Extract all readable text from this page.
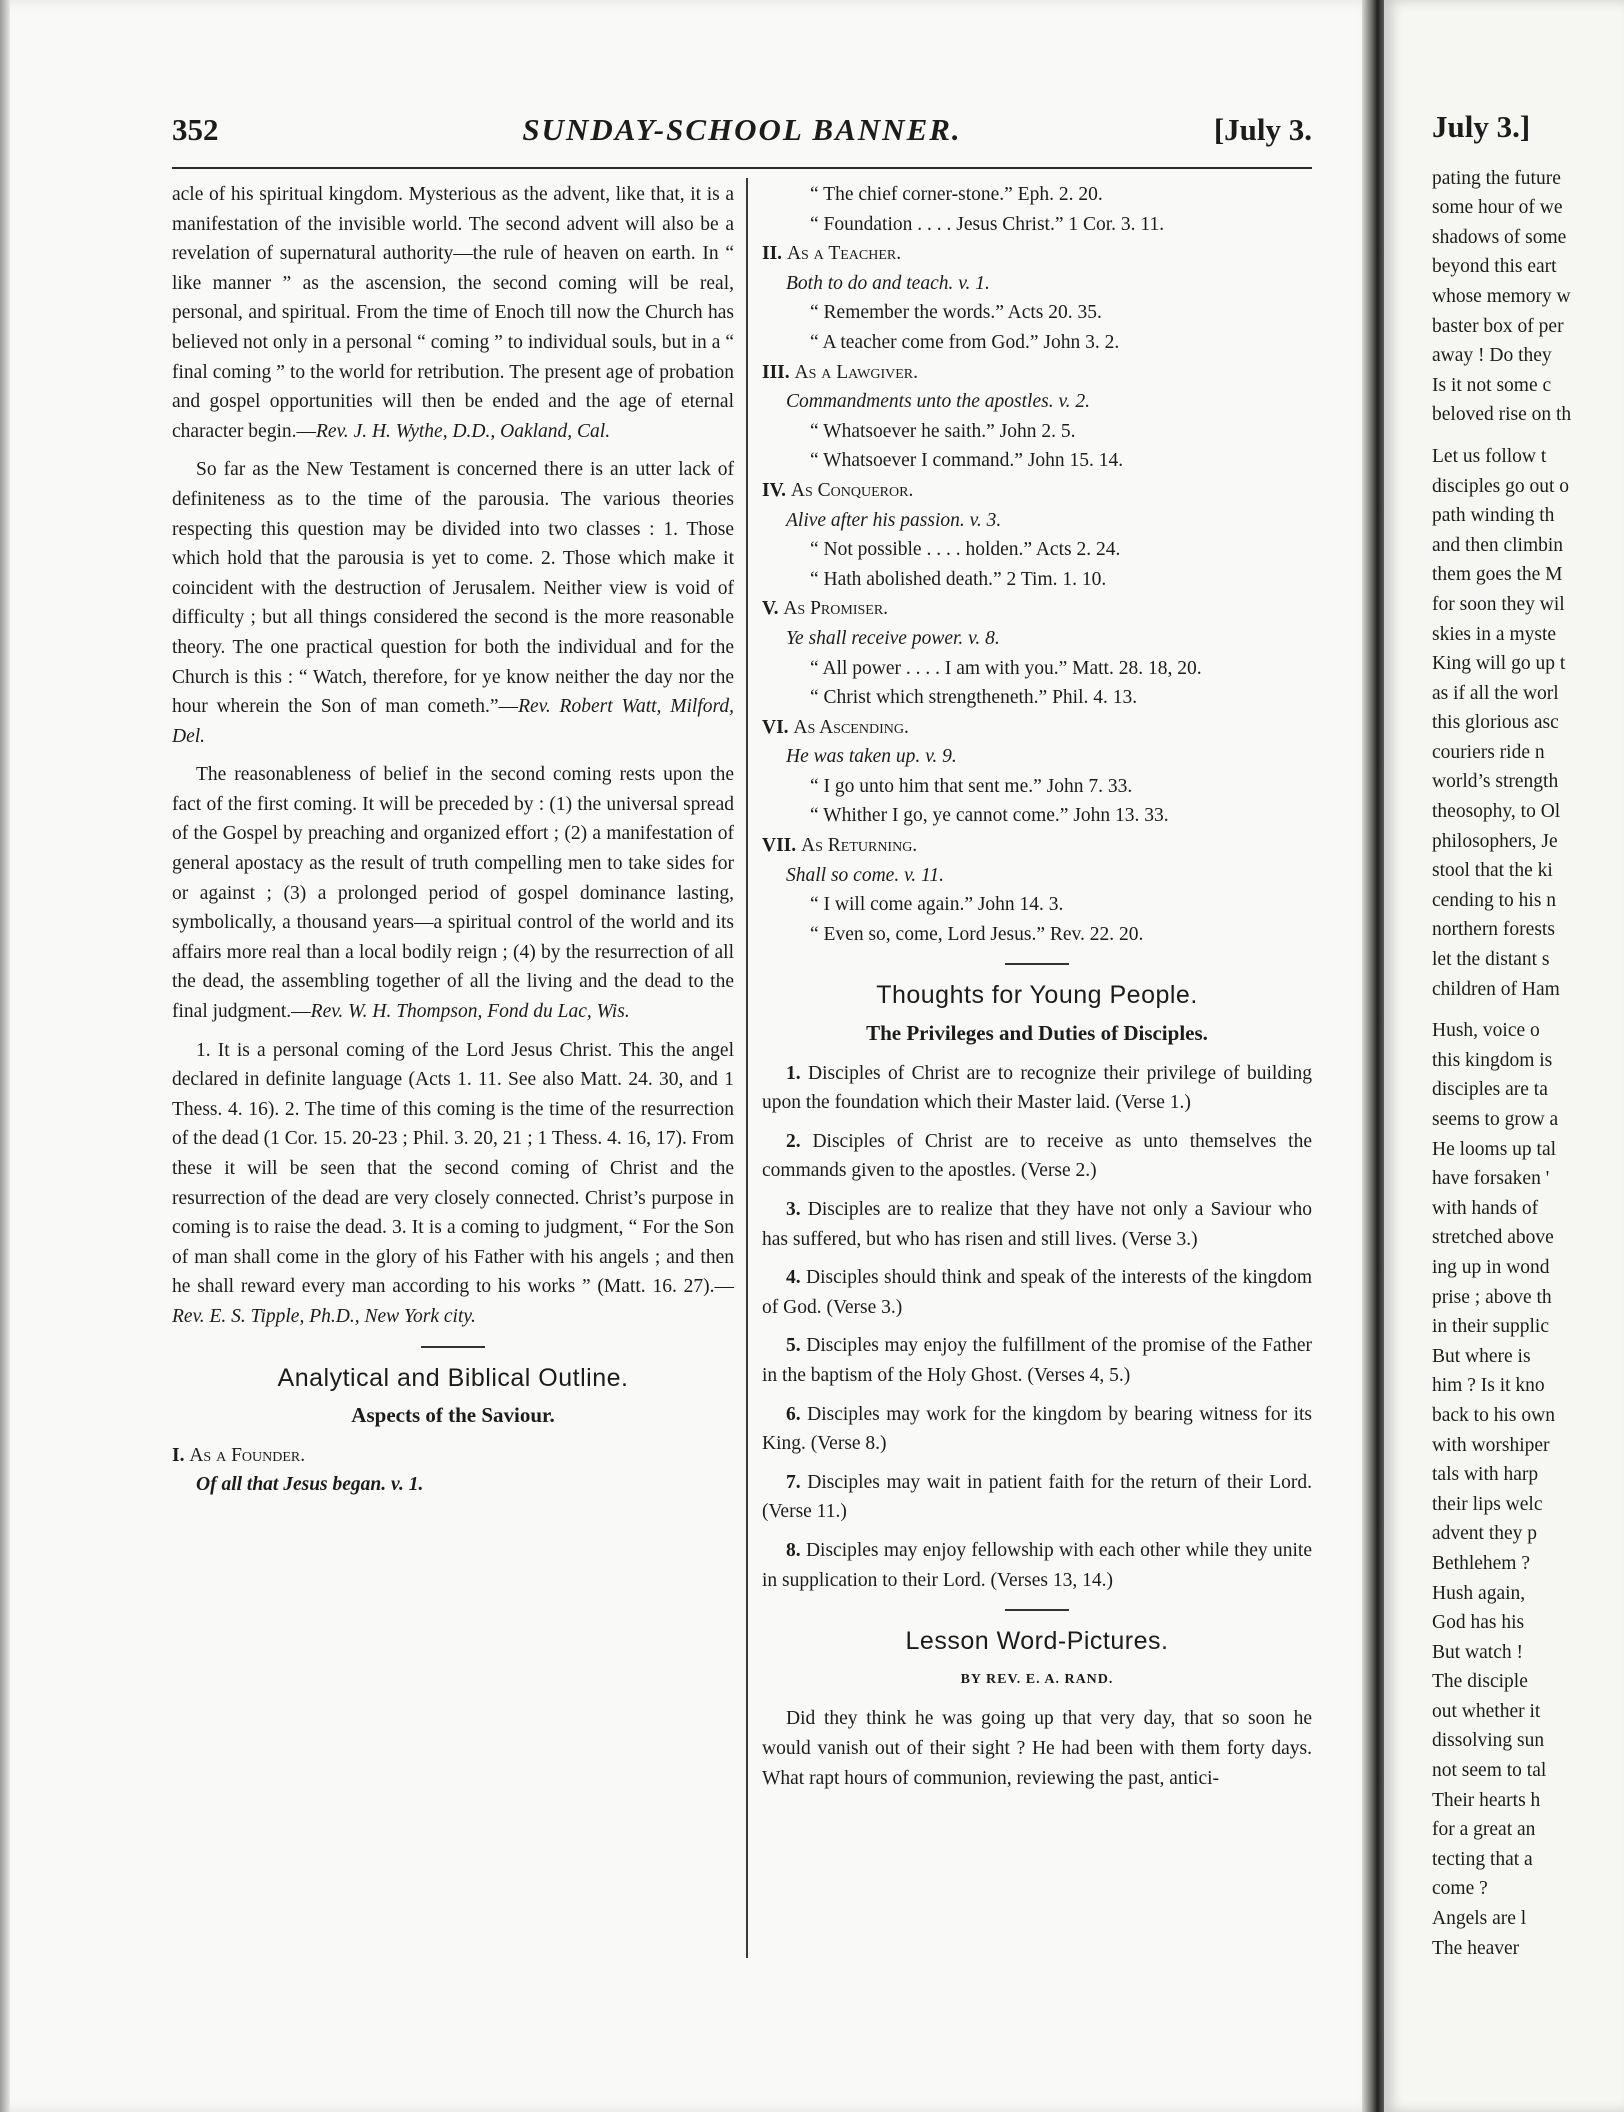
352	SUNDAY-SCHOOL BANNER.	[July 3.

acle of his spiritual kingdom. Mysterious as the advent, like that, it is a manifestation of the invisible world. The second advent will also be a revelation of supernatural authority—the rule of heaven on earth. In “ like manner ” as the ascension, the second coming will be real, personal, and spiritual. From the time of Enoch till now the Church has believed not only in a personal “ coming ” to individual souls, but in a “ final coming ” to the world for retribution. The present age of probation and gospel opportunities will then be ended and the age of eternal character begin.—Rev. J. H. Wythe, D.D., Oakland, Cal.

So far as the New Testament is concerned there is an utter lack of definiteness as to the time of the parousia. The various theories respecting this question may be divided into two classes : 1. Those which hold that the parousia is yet to come. 2. Those which make it coincident with the destruction of Jerusalem. Neither view is void of difficulty ; but all things considered the second is the more reasonable theory. The one practical question for both the individual and for the Church is this : “ Watch, therefore, for ye know neither the day nor the hour wherein the Son of man cometh.”—Rev. Robert Watt, Milford, Del.

The reasonableness of belief in the second coming rests upon the fact of the first coming. It will be preceded by : (1) the universal spread of the Gospel by preaching and organized effort ; (2) a manifestation of general apostacy as the result of truth compelling men to take sides for or against ; (3) a prolonged period of gospel dominance lasting, symbolically, a thousand years—a spiritual control of the world and its affairs more real than a local bodily reign ; (4) by the resurrection of all the dead, the assembling together of all the living and the dead to the final judgment.—Rev. W. H. Thompson, Fond du Lac, Wis.

1. It is a personal coming of the Lord Jesus Christ. This the angel declared in definite language (Acts 1. 11. See also Matt. 24. 30, and 1 Thess. 4. 16). 2. The time of this coming is the time of the resurrection of the dead (1 Cor. 15. 20-23 ; Phil. 3. 20, 21 ; 1 Thess. 4. 16, 17). From these it will be seen that the second coming of Christ and the resurrection of the dead are very closely connected. Christ’s purpose in coming is to raise the dead. 3. It is a coming to judgment, “ For the Son of man shall come in the glory of his Father with his angels ; and then he shall reward every man according to his works ” (Matt. 16. 27).—Rev. E. S. Tipple, Ph.D., New York city.

Analytical and Biblical Outline.
Aspects of the Saviour.
I. As a Founder.
Of all that Jesus began. v. 1.
“ The chief corner-stone.” Eph. 2. 20.
“ Foundation . . . . Jesus Christ.” 1 Cor. 3. 11.
II. As a Teacher.
Both to do and teach. v. 1.
“ Remember the words.” Acts 20. 35.
“ A teacher come from God.” John 3. 2.
III. As a Lawgiver.
Commandments unto the apostles. v. 2.
“ Whatsoever he saith.” John 2. 5.
“ Whatsoever I command.” John 15. 14.
IV. As Conqueror.
Alive after his passion. v. 3.
“ Not possible . . . . holden.” Acts 2. 24.
“ Hath abolished death.” 2 Tim. 1. 10.
V. As Promiser.
Ye shall receive power. v. 8.
“ All power . . . . I am with you.” Matt. 28. 18, 20.
“ Christ which strengtheneth.” Phil. 4. 13.
VI. As Ascending.
He was taken up. v. 9.
“ I go unto him that sent me.” John 7. 33.
“ Whither I go, ye cannot come.” John 13. 33.
VII. As Returning.
Shall so come. v. 11.
“ I will come again.” John 14. 3.
“ Even so, come, Lord Jesus.” Rev. 22. 20.
Thoughts for Young People.
The Privileges and Duties of Disciples.

1. Disciples of Christ are to recognize their privilege of building upon the foundation which their Master laid. (Verse 1.)

2. Disciples of Christ are to receive as unto themselves the commands given to the apostles. (Verse 2.)

3. Disciples are to realize that they have not only a Saviour who has suffered, but who has risen and still lives. (Verse 3.)

4. Disciples should think and speak of the interests of the kingdom of God. (Verse 3.)

5. Disciples may enjoy the fulfillment of the promise of the Father in the baptism of the Holy Ghost. (Verses 4, 5.)

6. Disciples may work for the kingdom by bearing witness for its King. (Verse 8.)

7. Disciples may wait in patient faith for the return of their Lord. (Verse 11.)

8. Disciples may enjoy fellowship with each other while they unite in supplication to their Lord. (Verses 13, 14.)

Lesson Word-Pictures.
BY REV. E. A. RAND.

Did they think he was going up that very day, that so soon he would vanish out of their sight ? He had been with them forty days. What rapt hours of communion, reviewing the past, antici-

July 3.]
pating the future
some hour of we
shadows of some
beyond this eart
whose memory w
baster box of per
away ! Do they
Is it not some c
beloved rise on th
Let us follow t
disciples go out o
path winding th
and then climbin
them goes the M
for soon they wil
skies in a myste
King will go up t
as if all the worl
this glorious asc
couriers ride n
world’s strength
theosophy, to Ol
philosophers, Je
stool that the ki
cending to his n
northern forests
let the distant s
children of Ham
Hush, voice o
this kingdom is
disciples are ta
seems to grow a
He looms up tal
have forsaken '
with hands of
stretched above
ing up in wond
prise ; above th
in their supplic
But where is
him ? Is it kno
back to his own
with worshiper
tals with harp
their lips welc
advent they p
Bethlehem ?
Hush again,
God has his
But watch !
The disciple
out whether it
dissolving sun
not seem to tal
Their hearts h
for a great an
tecting that a
come ?
Angels are l
The heaver
